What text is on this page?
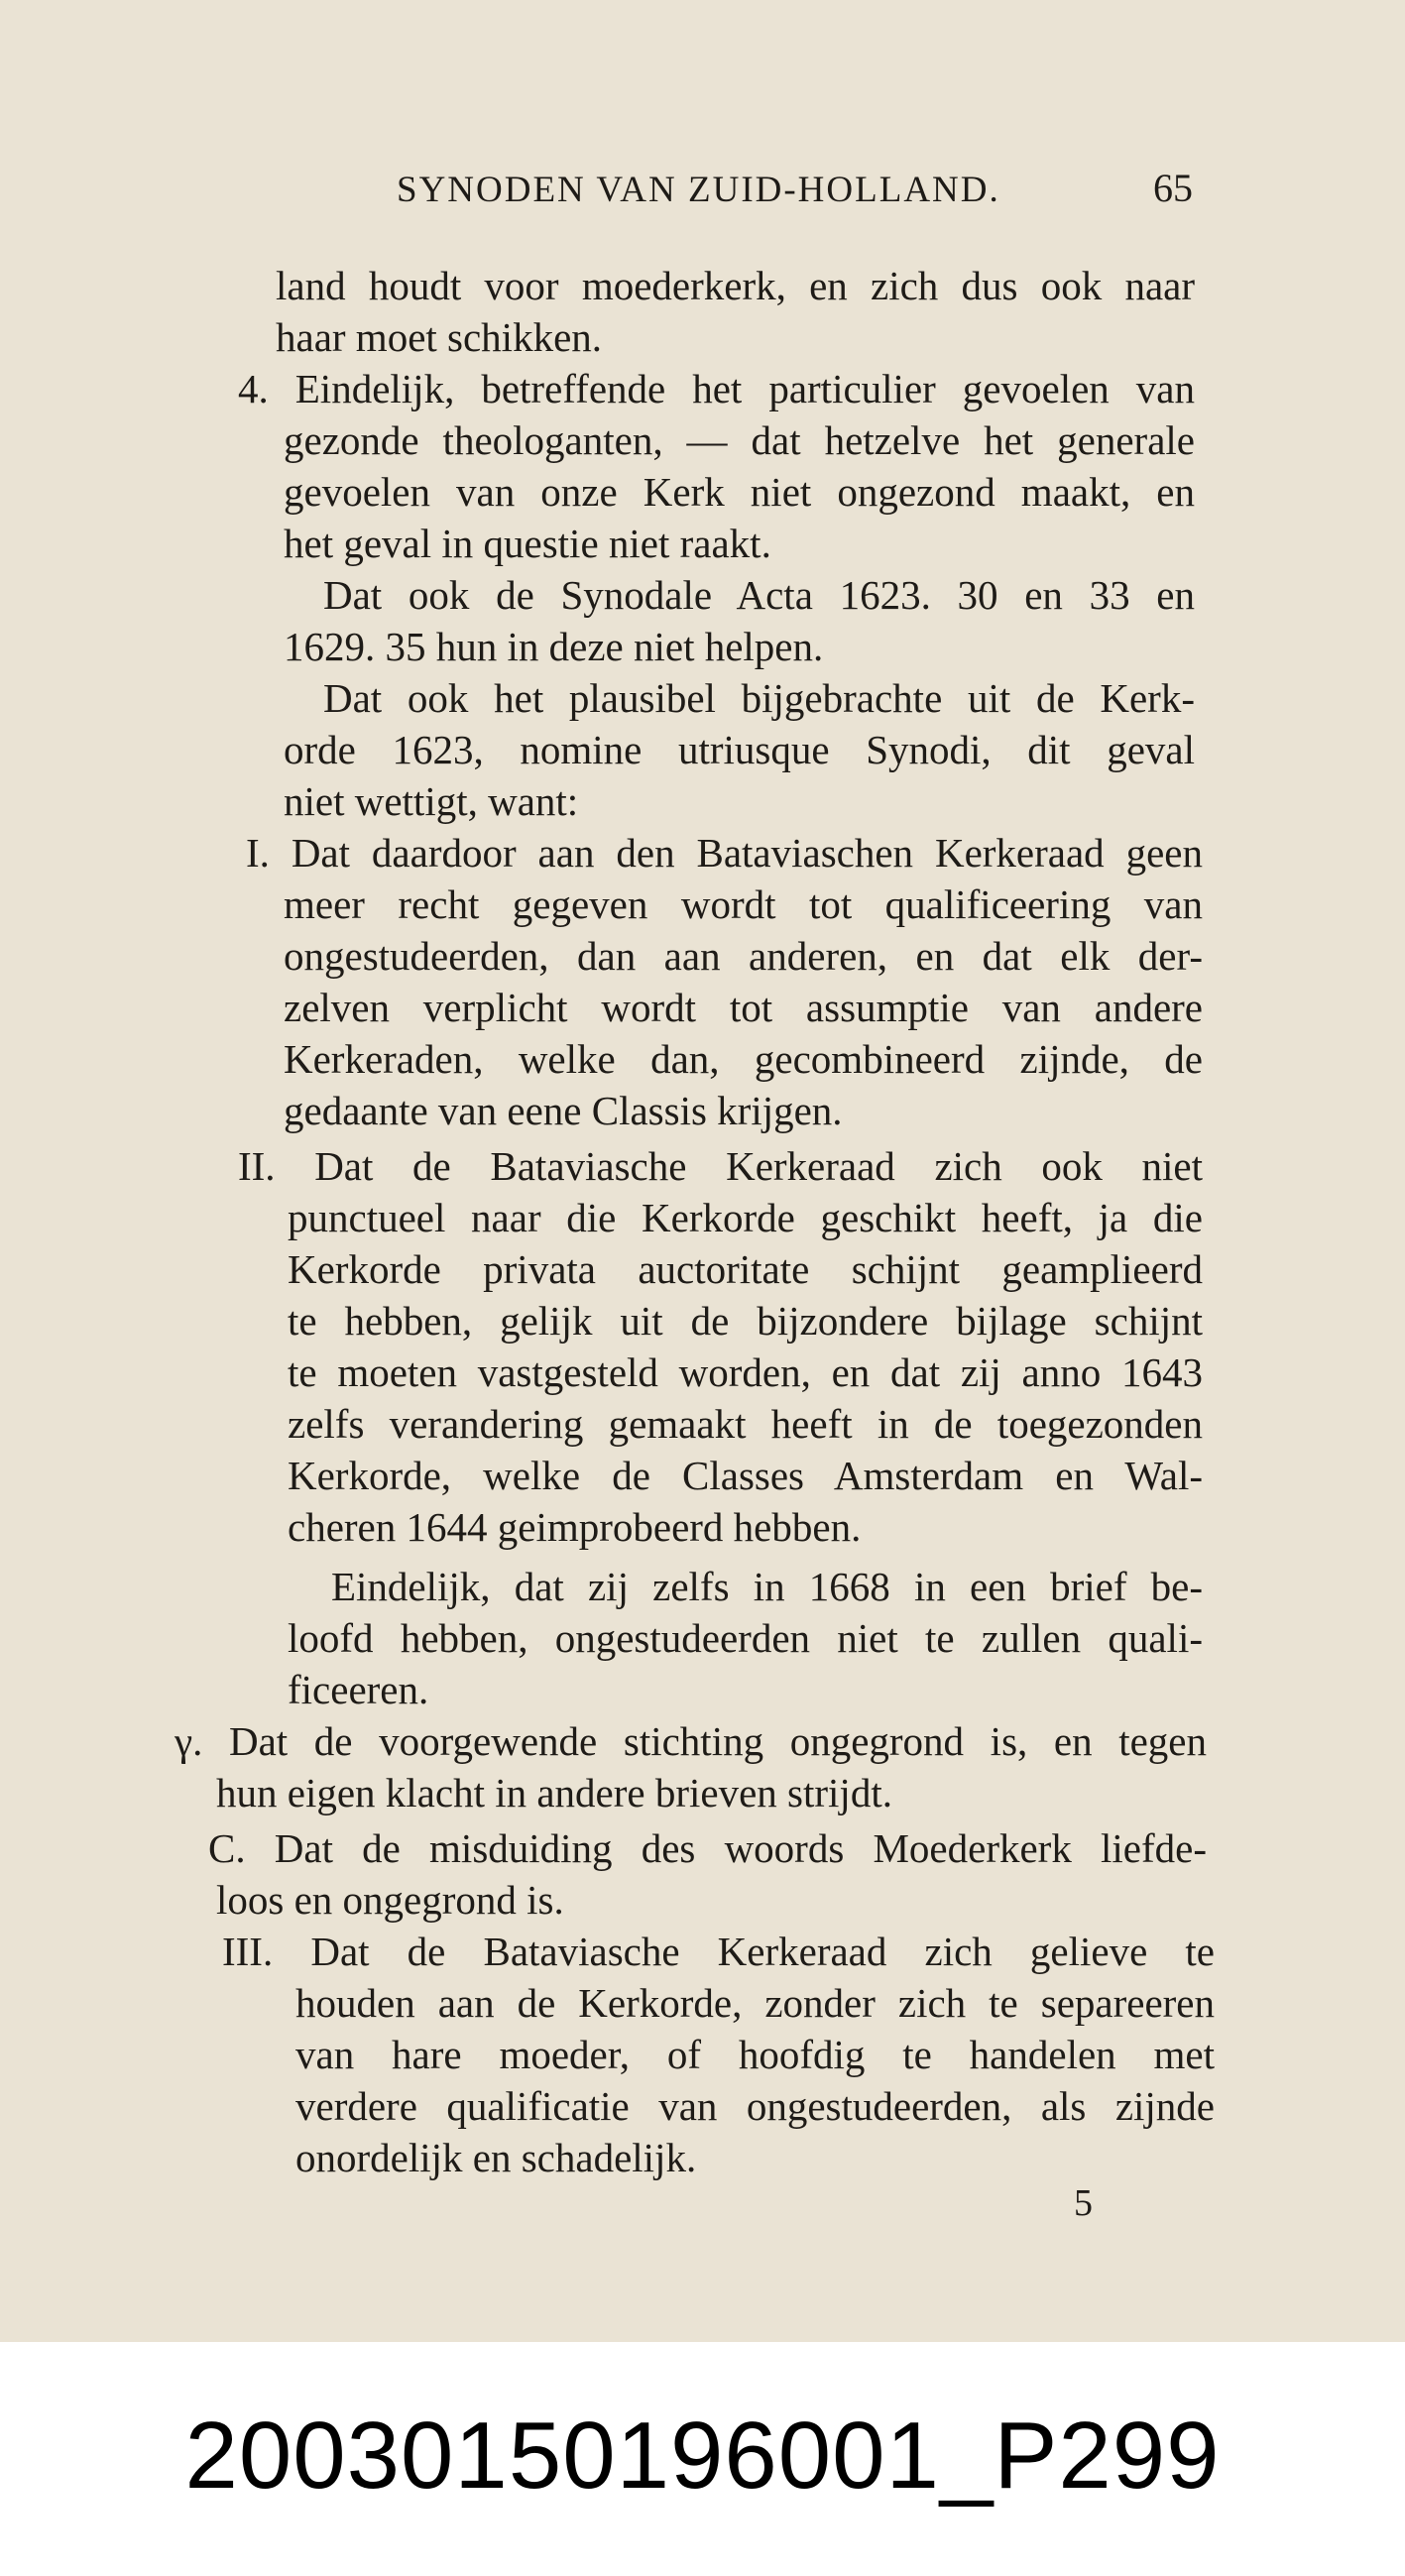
SYNODEN VAN ZUID-HOLLAND.	65
land houdt voor moederkerk, en zich dus ook naar
haar moet schikken.
4. Eindelijk, betreffende het particulier gevoelen van
gezonde theologanten, — dat hetzelve het generale
gevoelen van onze Kerk niet ongezond maakt, en
het geval in questie niet raakt.
Dat ook de Synodale Acta 1623. 30 en 33 en
1629. 35 hun in deze niet helpen.
Dat ook het plausibel bijgebrachte uit de Kerk-
orde 1623, nomine utriusque Synodi, dit geval
niet wettigt, want:
I. Dat daardoor aan den Bataviaschen Kerkeraad geen
meer recht gegeven wordt tot qualificeering van
ongestudeerden, dan aan anderen, en dat elk der-
zelven verplicht wordt tot assumptie van andere
Kerkeraden, welke dan, gecombineerd zijnde, de
gedaante van eene Classis krijgen.
II. Dat de Bataviasche Kerkeraad zich ook niet
punctueel naar die Kerkorde geschikt heeft, ja die
Kerkorde privata auctoritate schijnt geamplieerd
te hebben, gelijk uit de bijzondere bijlage schijnt
te moeten vastgesteld worden, en dat zij anno 1643
zelfs verandering gemaakt heeft in de toegezonden
Kerkorde, welke de Classes Amsterdam en Wal-
cheren 1644 geimprobeerd hebben.
Eindelijk, dat zij zelfs in 1668 in een brief be-
loofd hebben, ongestudeerden niet te zullen quali-
ficeeren.
γ. Dat de voorgewende stichting ongegrond is, en tegen
hun eigen klacht in andere brieven strijdt.
C. Dat de misduiding des woords Moederkerk liefde-
loos en ongegrond is.
III. Dat de Bataviasche Kerkeraad zich gelieve te
houden aan de Kerkorde, zonder zich te separeeren
van hare moeder, of hoofdig te handelen met
verdere qualificatie van ongestudeerden, als zijnde
onordelijk en schadelijk.
5
20030150196001_P299
